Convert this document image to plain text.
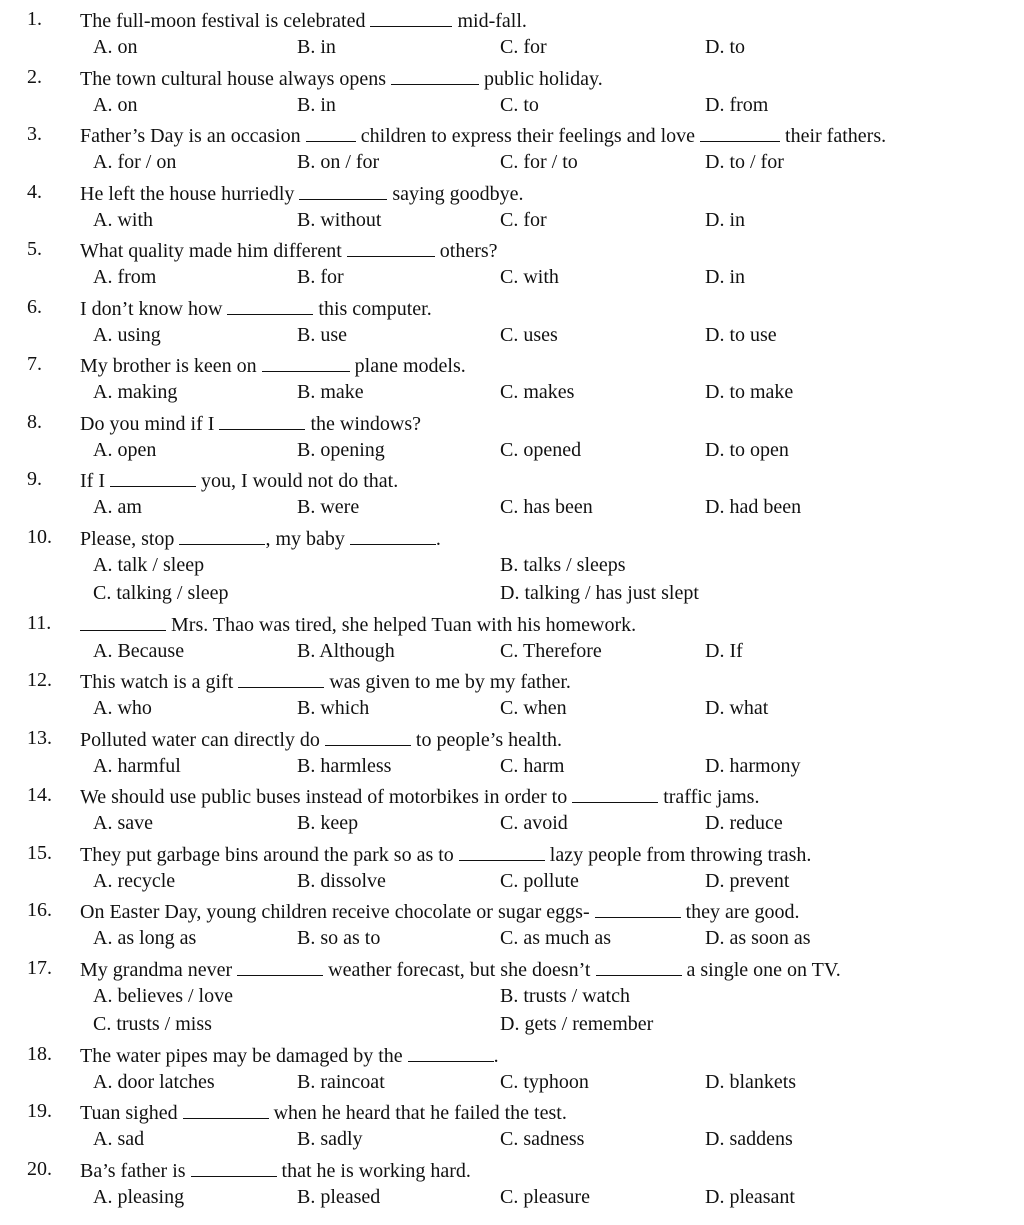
1.	The full-moon festival is celebrated	mid-fall.
A. on	B. in	C. for	D. to
2.	The town cultural house always opens	public holiday.
A. on	B. in	C. to	D. from
3.	Father’s Day is an occasion	children to express their feelings and love	their fathers.
A. for / on	B. on / for	C. for / to	D. to / for
4.	He left the house hurriedly	saying goodbye.
A. with	B. without	C. for	D. in
5.	What quality made him different	others?
A. from	B. for	C. with	D. in
6.	I don’t know how	this computer.
A. using	B. use	C. uses	D. to use
7.	My brother is keen on	plane models.
A. making	B. make	C. makes	D. to make
8.	Do you mind if I	the windows?
A. open	B. opening	C. opened	D. to open
9.	If I	you, I would not do that.
A. am	B. were	C. has been	D. had been
10.	Please, stop	, my baby	.
A. talk / sleep	B. talks / sleeps
C. talking / sleep	D. talking / has just slept
11.	Mrs. Thao was tired, she helped Tuan with his homework.
A. Because	B. Although	C. Therefore	D. If
12.	This watch is a gift	was given to me by my father.
A. who	B. which	C. when	D. what
13.	Polluted water can directly do	to people’s health.
A. harmful	B. harmless	C. harm	D. harmony
14.	We should use public buses instead of motorbikes in order to	traffic jams.
A. save	B. keep	C. avoid	D. reduce
15.	They put garbage bins around the park so as to	lazy people from throwing trash.
A. recycle	B. dissolve	C. pollute	D. prevent
16.	On Easter Day, young children receive chocolate or sugar eggs-	they are good.
A. as long as	B. so as to	C. as much as	D. as soon as
17.	My grandma never	weather forecast, but she doesn’t	a single one on TV.
A. believes / love	B. trusts / watch
C. trusts / miss	D. gets / remember
18.	The water pipes may be damaged by the	.
A. door latches	B. raincoat	C. typhoon	D. blankets
19.	Tuan sighed	when he heard that he failed the test.
A. sad	B. sadly	C. sadness	D. saddens
20.	Ba’s father is	that he is working hard.
A. pleasing	B. pleased	C. pleasure	D. pleasant
